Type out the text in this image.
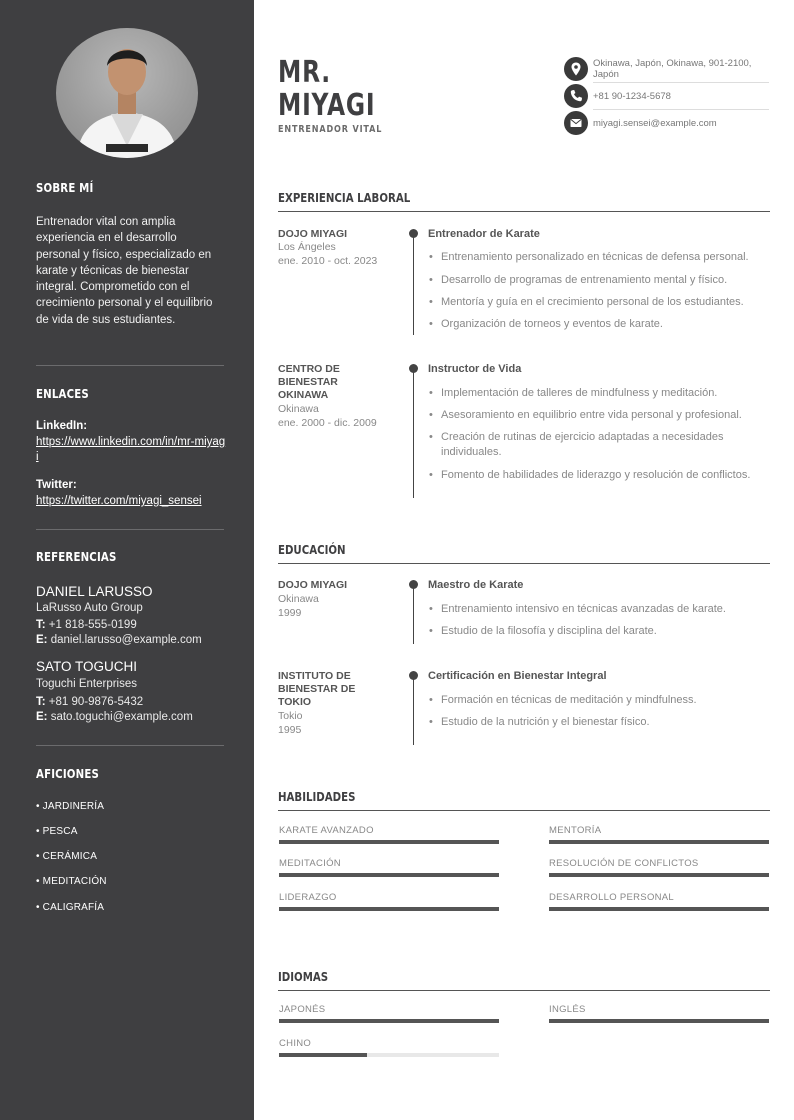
SOBRE MÍ
Entrenador vital con amplia experiencia en el desarrollo personal y físico, especializado en karate y técnicas de bienestar integral. Comprometido con el crecimiento personal y el equilibrio de vida de sus estudiantes.
ENLACES
LinkedIn:
https://www.linkedin.com/in/mr-miyagi
Twitter:
https://twitter.com/miyagi_sensei
REFERENCIAS
DANIEL LARUSSO
LaRusso Auto Group
T: +1 818-555-0199
E: daniel.larusso@example.com
SATO TOGUCHI
Toguchi Enterprises
T: +81 90-9876-5432
E: sato.toguchi@example.com
AFICIONES
• JARDINERÍA
• PESCA
• CERÁMICA
• MEDITACIÓN
• CALIGRAFÍA
MR.
MIYAGI
ENTRENADOR VITAL
Okinawa, Japón, Okinawa, 901-2100, Japón
+81 90-1234-5678
miyagi.sensei@example.com
EXPERIENCIA LABORAL
DOJO MIYAGI
Los Ángeles
ene. 2010 - oct. 2023
Entrenador de Karate
• Entrenamiento personalizado en técnicas de defensa personal.
• Desarrollo de programas de entrenamiento mental y físico.
• Mentoría y guía en el crecimiento personal de los estudiantes.
• Organización de torneos y eventos de karate.
CENTRO DE BIENESTAR OKINAWA
Okinawa
ene. 2000 - dic. 2009
Instructor de Vida
• Implementación de talleres de mindfulness y meditación.
• Asesoramiento en equilibrio entre vida personal y profesional.
• Creación de rutinas de ejercicio adaptadas a necesidades individuales.
• Fomento de habilidades de liderazgo y resolución de conflictos.
EDUCACIÓN
DOJO MIYAGI
Okinawa
1999
Maestro de Karate
• Entrenamiento intensivo en técnicas avanzadas de karate.
• Estudio de la filosofía y disciplina del karate.
INSTITUTO DE BIENESTAR DE TOKIO
Tokio
1995
Certificación en Bienestar Integral
• Formación en técnicas de meditación y mindfulness.
• Estudio de la nutrición y el bienestar físico.
HABILIDADES
KARATE AVANZADO	MENTORÍA
MEDITACIÓN	RESOLUCIÓN DE CONFLICTOS
LIDERAZGO	DESARROLLO PERSONAL
IDIOMAS
JAPONÉS	INGLÉS
CHINO
